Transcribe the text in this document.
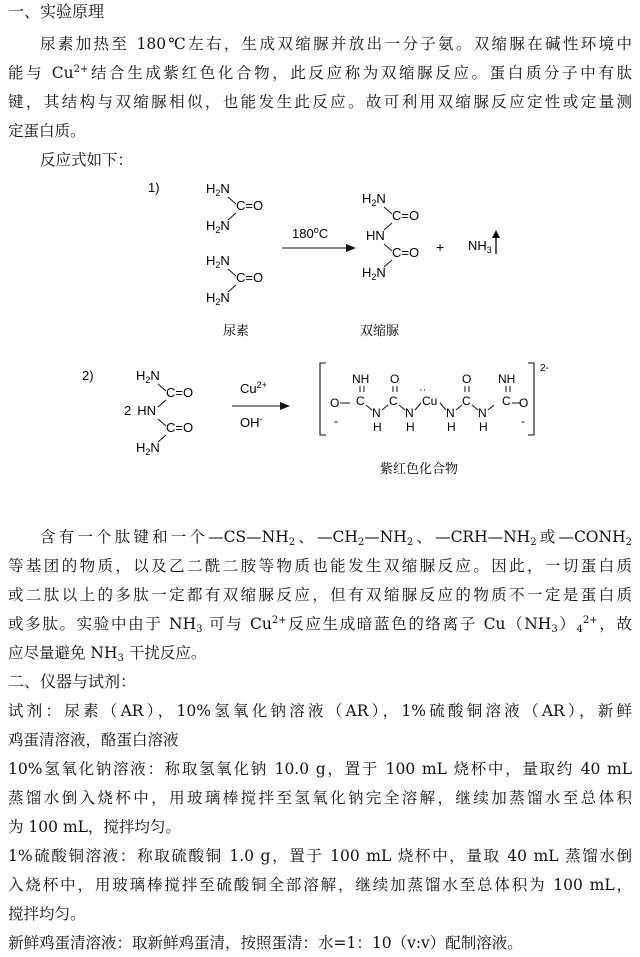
一、实验原理
尿素加热至 180℃左右，生成双缩脲并放出一分子氨。双缩脲在碱性环境中
能与 $Cu^{2+}$结合生成紫红色化合物，此反应称为双缩脲反应。蛋白质分子中有肽
键，其结构与双缩脲相似，也能发生此反应。故可利用双缩脲反应定性或定量测
定蛋白质。
反应式如下：
1)	$H_2N$
C=O
$H_2N$
$H_2N$
C=O
$H_2N$
180$^o$C
$H_2N$
C=O
HN
C=O
$H_2N$
+ $NH_3$
尿素	双缩脲
2)	$H_2N$
C=O
2 HN
C=O
$H_2N$
$Cu^{2+}$
OH-
2-
NH O	O NH
O C
N
C
N
··
Cu
N
C
N
C O
-	-
H H	H H
紫红色化合物
含有一个肽键和一个$—CS—NH_2$、$—CH_2—NH_2$、$—CRH—NH_2$或$—CONH_2$
等基团的物质，以及乙二酰二胺等物质也能发生双缩脲反应。因此，一切蛋白质
或二肽以上的多肽一定都有双缩脲反应，但有双缩脲反应的物质不一定是蛋白质
或多肽。实验中由于 $NH_3$ 可与 $Cu^{2+}$反应生成暗蓝色的络离子 $Cu(NH_3)_4^{2+}$，故
应尽量避免 $NH_3$ 干扰反应。
二、仪器与试剂：
试剂：尿素（AR），10%氢氧化钠溶液（AR），1%硫酸铜溶液（AR），新鲜
鸡蛋清溶液，酪蛋白溶液
10%氢氧化钠溶液：称取氢氧化钠 10.0 g，置于 100 mL 烧杯中，量取约 40 mL
蒸馏水倒入烧杯中，用玻璃棒搅拌至氢氧化钠完全溶解，继续加蒸馏水至总体积
为 100 mL，搅拌均匀。
1%硫酸铜溶液：称取硫酸铜 1.0 g，置于 100 mL 烧杯中，量取 40 mL 蒸馏水倒
入烧杯中，用玻璃棒搅拌至硫酸铜全部溶解，继续加蒸馏水至总体积为 100 mL，
搅拌均匀。
新鲜鸡蛋清溶液：取新鲜鸡蛋清，按照蛋清：水=1：10（v:v）配制溶液。
